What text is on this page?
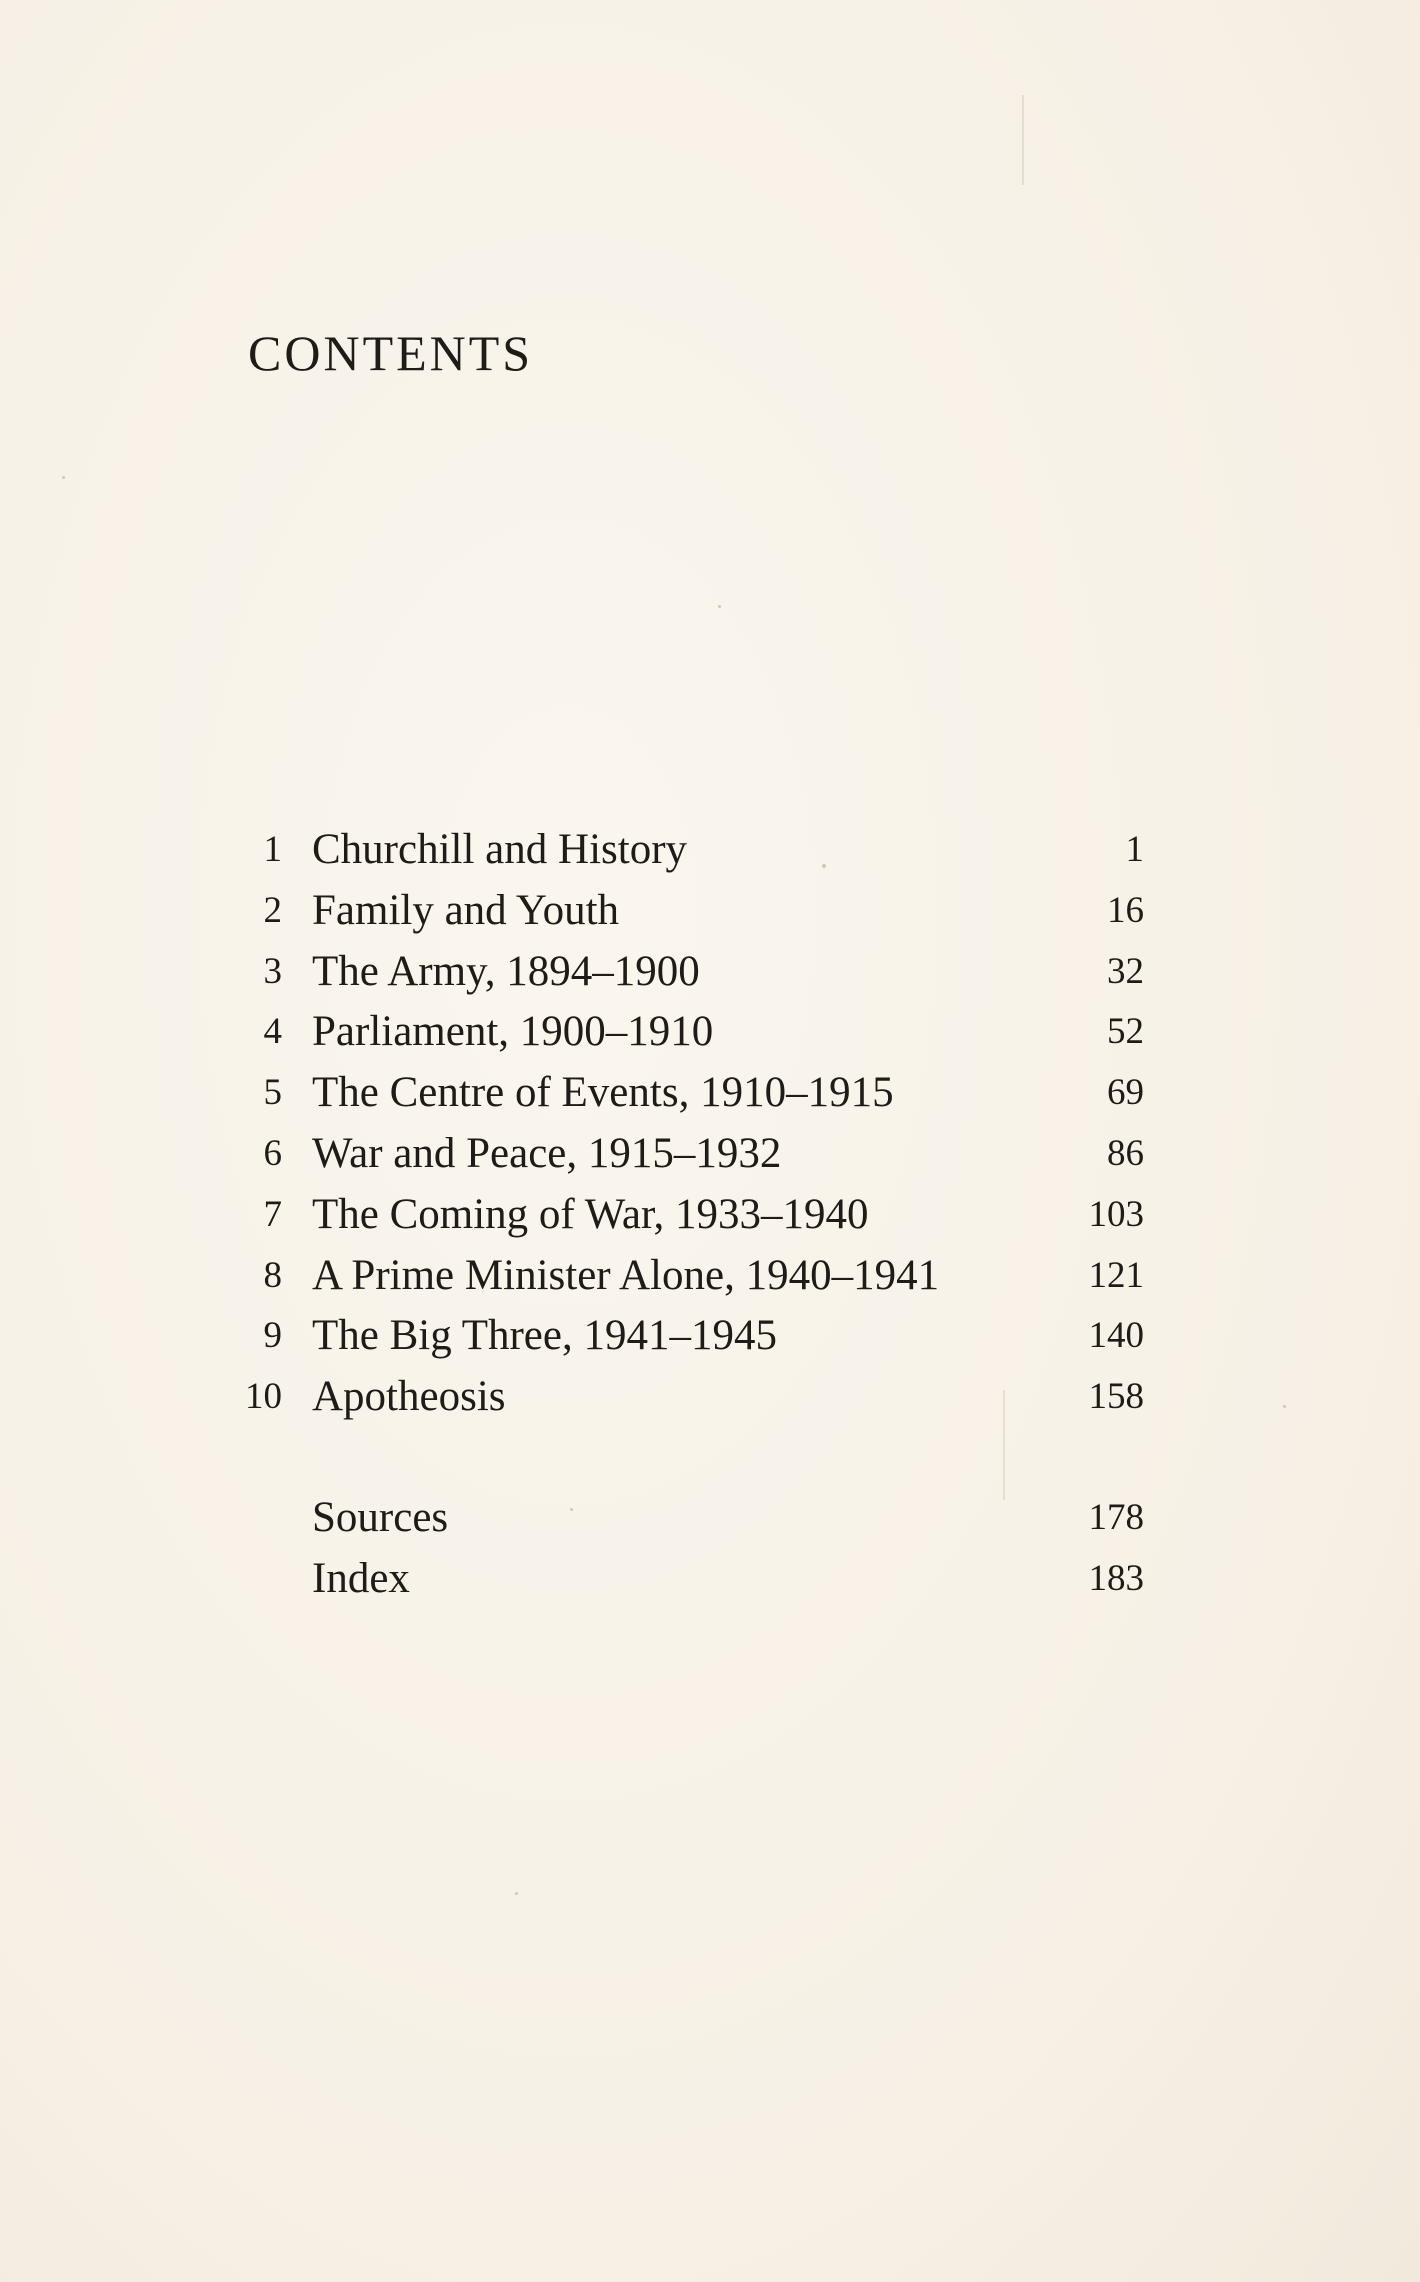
CONTENTS
1 Churchill and History	1
2 Family and Youth	16
3 The Army, 1894–1900	32
4 Parliament, 1900–1910	52
5 The Centre of Events, 1910–1915	69
6 War and Peace, 1915–1932	86
7 The Coming of War, 1933–1940	103
8 A Prime Minister Alone, 1940–1941	121
9 The Big Three, 1941–1945	140
10 Apotheosis	158
Sources	178
Index	183
